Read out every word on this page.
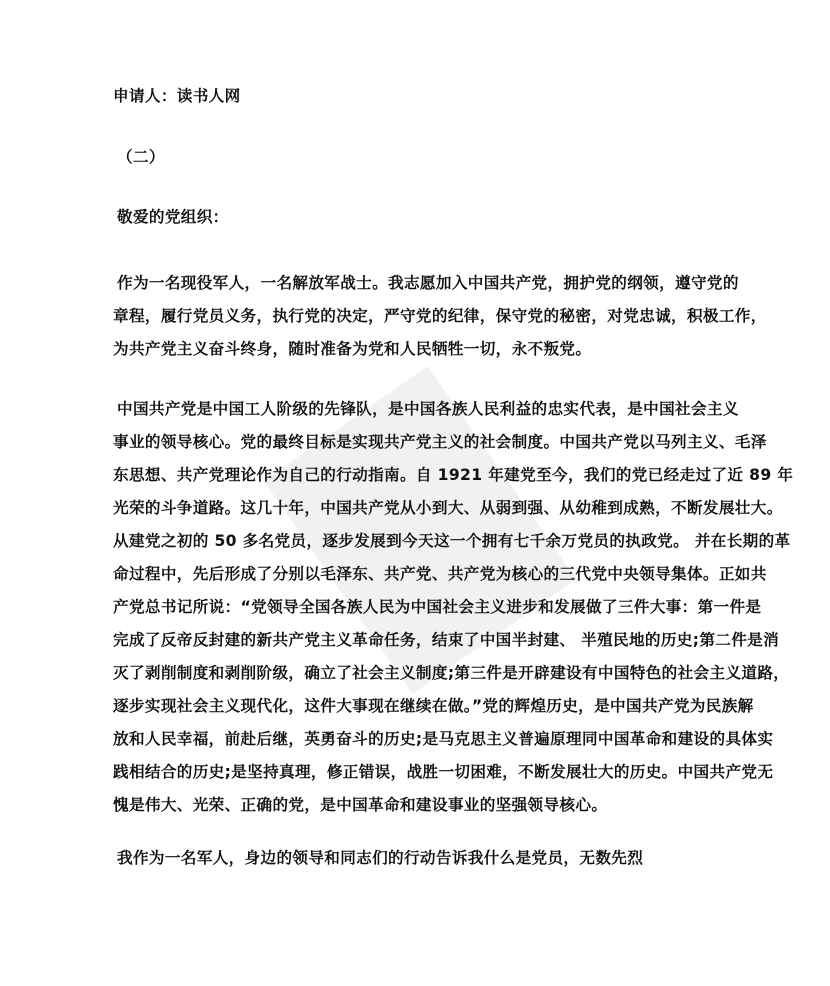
申请人：读书人网
（二）
敬爱的党组织：
作为一名现役军人，一名解放军战士。我志愿加入中国共产党，拥护党的纲领，遵守党的
章程，履行党员义务，执行党的决定，严守党的纪律，保守党的秘密，对党忠诚，积极工作，
为共产党主义奋斗终身，随时准备为党和人民牺牲一切，永不叛党。
中国共产党是中国工人阶级的先锋队，是中国各族人民利益的忠实代表，是中国社会主义
事业的领导核心。党的最终目标是实现共产党主义的社会制度。中国共产党以马列主义、毛泽
东思想、共产党理论作为自己的行动指南。自 1921 年建党至今，我们的党已经走过了近 89 年
光荣的斗争道路。这几十年，中国共产党从小到大、从弱到强、从幼稚到成熟，不断发展壮大。
从建党之初的 50 多名党员，逐步发展到今天这一个拥有七千余万党员的执政党。 并在长期的革
命过程中，先后形成了分别以毛泽东、共产党、共产党为核心的三代党中央领导集体。正如共
产党总书记所说：“党领导全国各族人民为中国社会主义进步和发展做了三件大事：第一件是
完成了反帝反封建的新共产党主义革命任务，结束了中国半封建、 半殖民地的历史;第二件是消
灭了剥削制度和剥削阶级，确立了社会主义制度;第三件是开辟建设有中国特色的社会主义道路，
逐步实现社会主义现代化，这件大事现在继续在做。”党的辉煌历史，是中国共产党为民族解
放和人民幸福，前赴后继，英勇奋斗的历史;是马克思主义普遍原理同中国革命和建设的具体实
践相结合的历史;是坚持真理，修正错误，战胜一切困难，不断发展壮大的历史。中国共产党无
愧是伟大、光荣、正确的党，是中国革命和建设事业的坚强领导核心。
我作为一名军人，身边的领导和同志们的行动告诉我什么是党员，无数先烈
